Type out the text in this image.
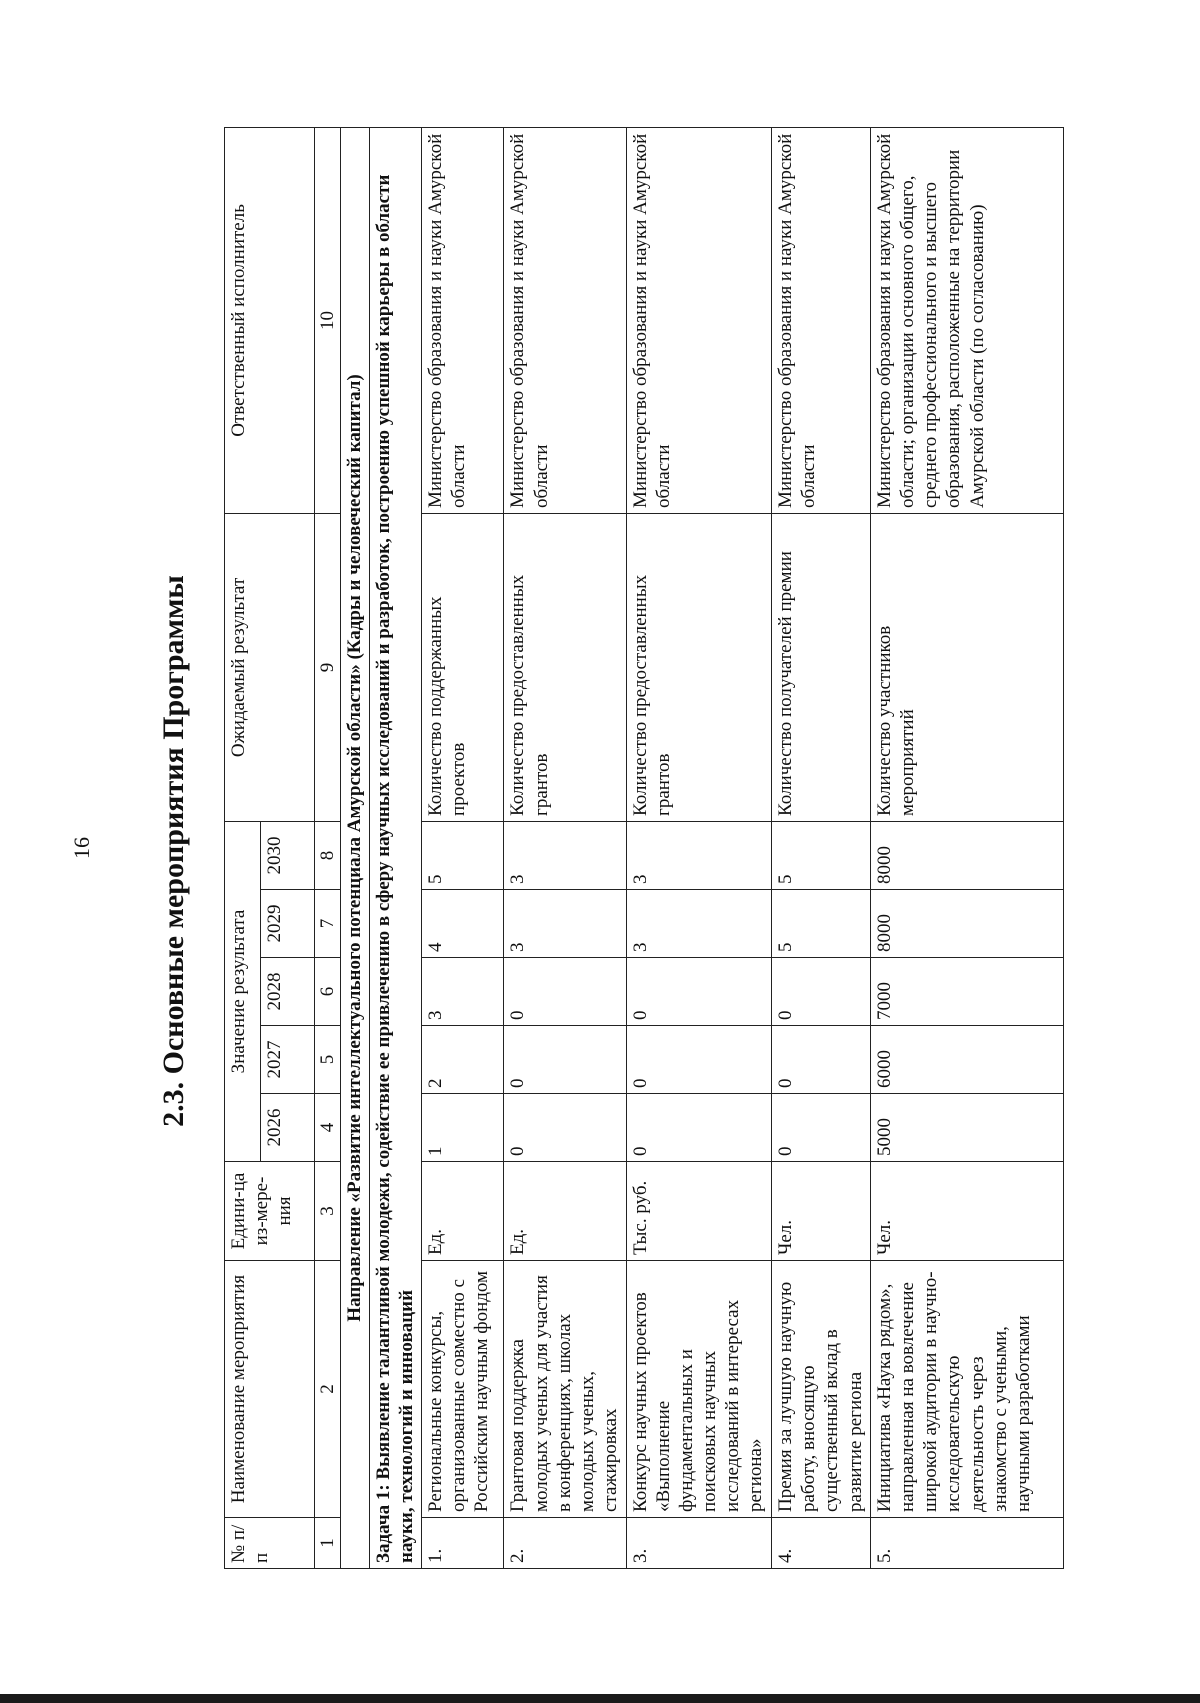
16 2.3. Основные мероприятия Программы
№ п/п	Наименование мероприятия	Едини-ца из-мере-ния	Значение результата					Ожидаемый результат	Ответственный исполнитель
			2026	2027	2028	2029	2030		
1	2	3	4	5	6	7	8	9	10
Направление «Развитие интеллектуального потенциала Амурской области» (Кадры и человеческий капитал)									
Задача 1: Выявление талантливой молодежи, содействие ее привлечению в сферу научных исследований и разработок, построению успешной карьеры в области науки, технологий и инноваций									
1.	Региональные конкурсы, организованные совместно с Российским научным фондом	Ед.	1	2	3	4	5	Количество поддержанных проектов	Министерство образования и науки Амурской области
2.	Грантовая поддержка молодых ученых для участия в конференциях, школах молодых ученых, стажировках	Ед.	0	0	0	3	3	Количество предоставленных грантов	Министерство образования и науки Амурской области
3.	Конкурс научных проектов «Выполнение фундаментальных и поисковых научных исследований в интересах региона»	Тыс. руб.	0	0	0	3	3	Количество предоставленных грантов	Министерство образования и науки Амурской области
4.	Премия за лучшую научную работу, вносящую существенный вклад в развитие региона	Чел.	0	0	0	5	5	Количество получателей премии	Министерство образования и науки Амурской области
5.	Инициатива «Наука рядом», направленная на вовлечение широкой аудитории в научно-исследовательскую деятельность через знакомство с учеными, научными разработками	Чел.	5000	6000	7000	8000	8000	Количество участников мероприятий	Министерство образования и науки Амурской области; организации основного общего, среднего профессионального и высшего образования, расположенные на территории Амурской области (по согласованию)
